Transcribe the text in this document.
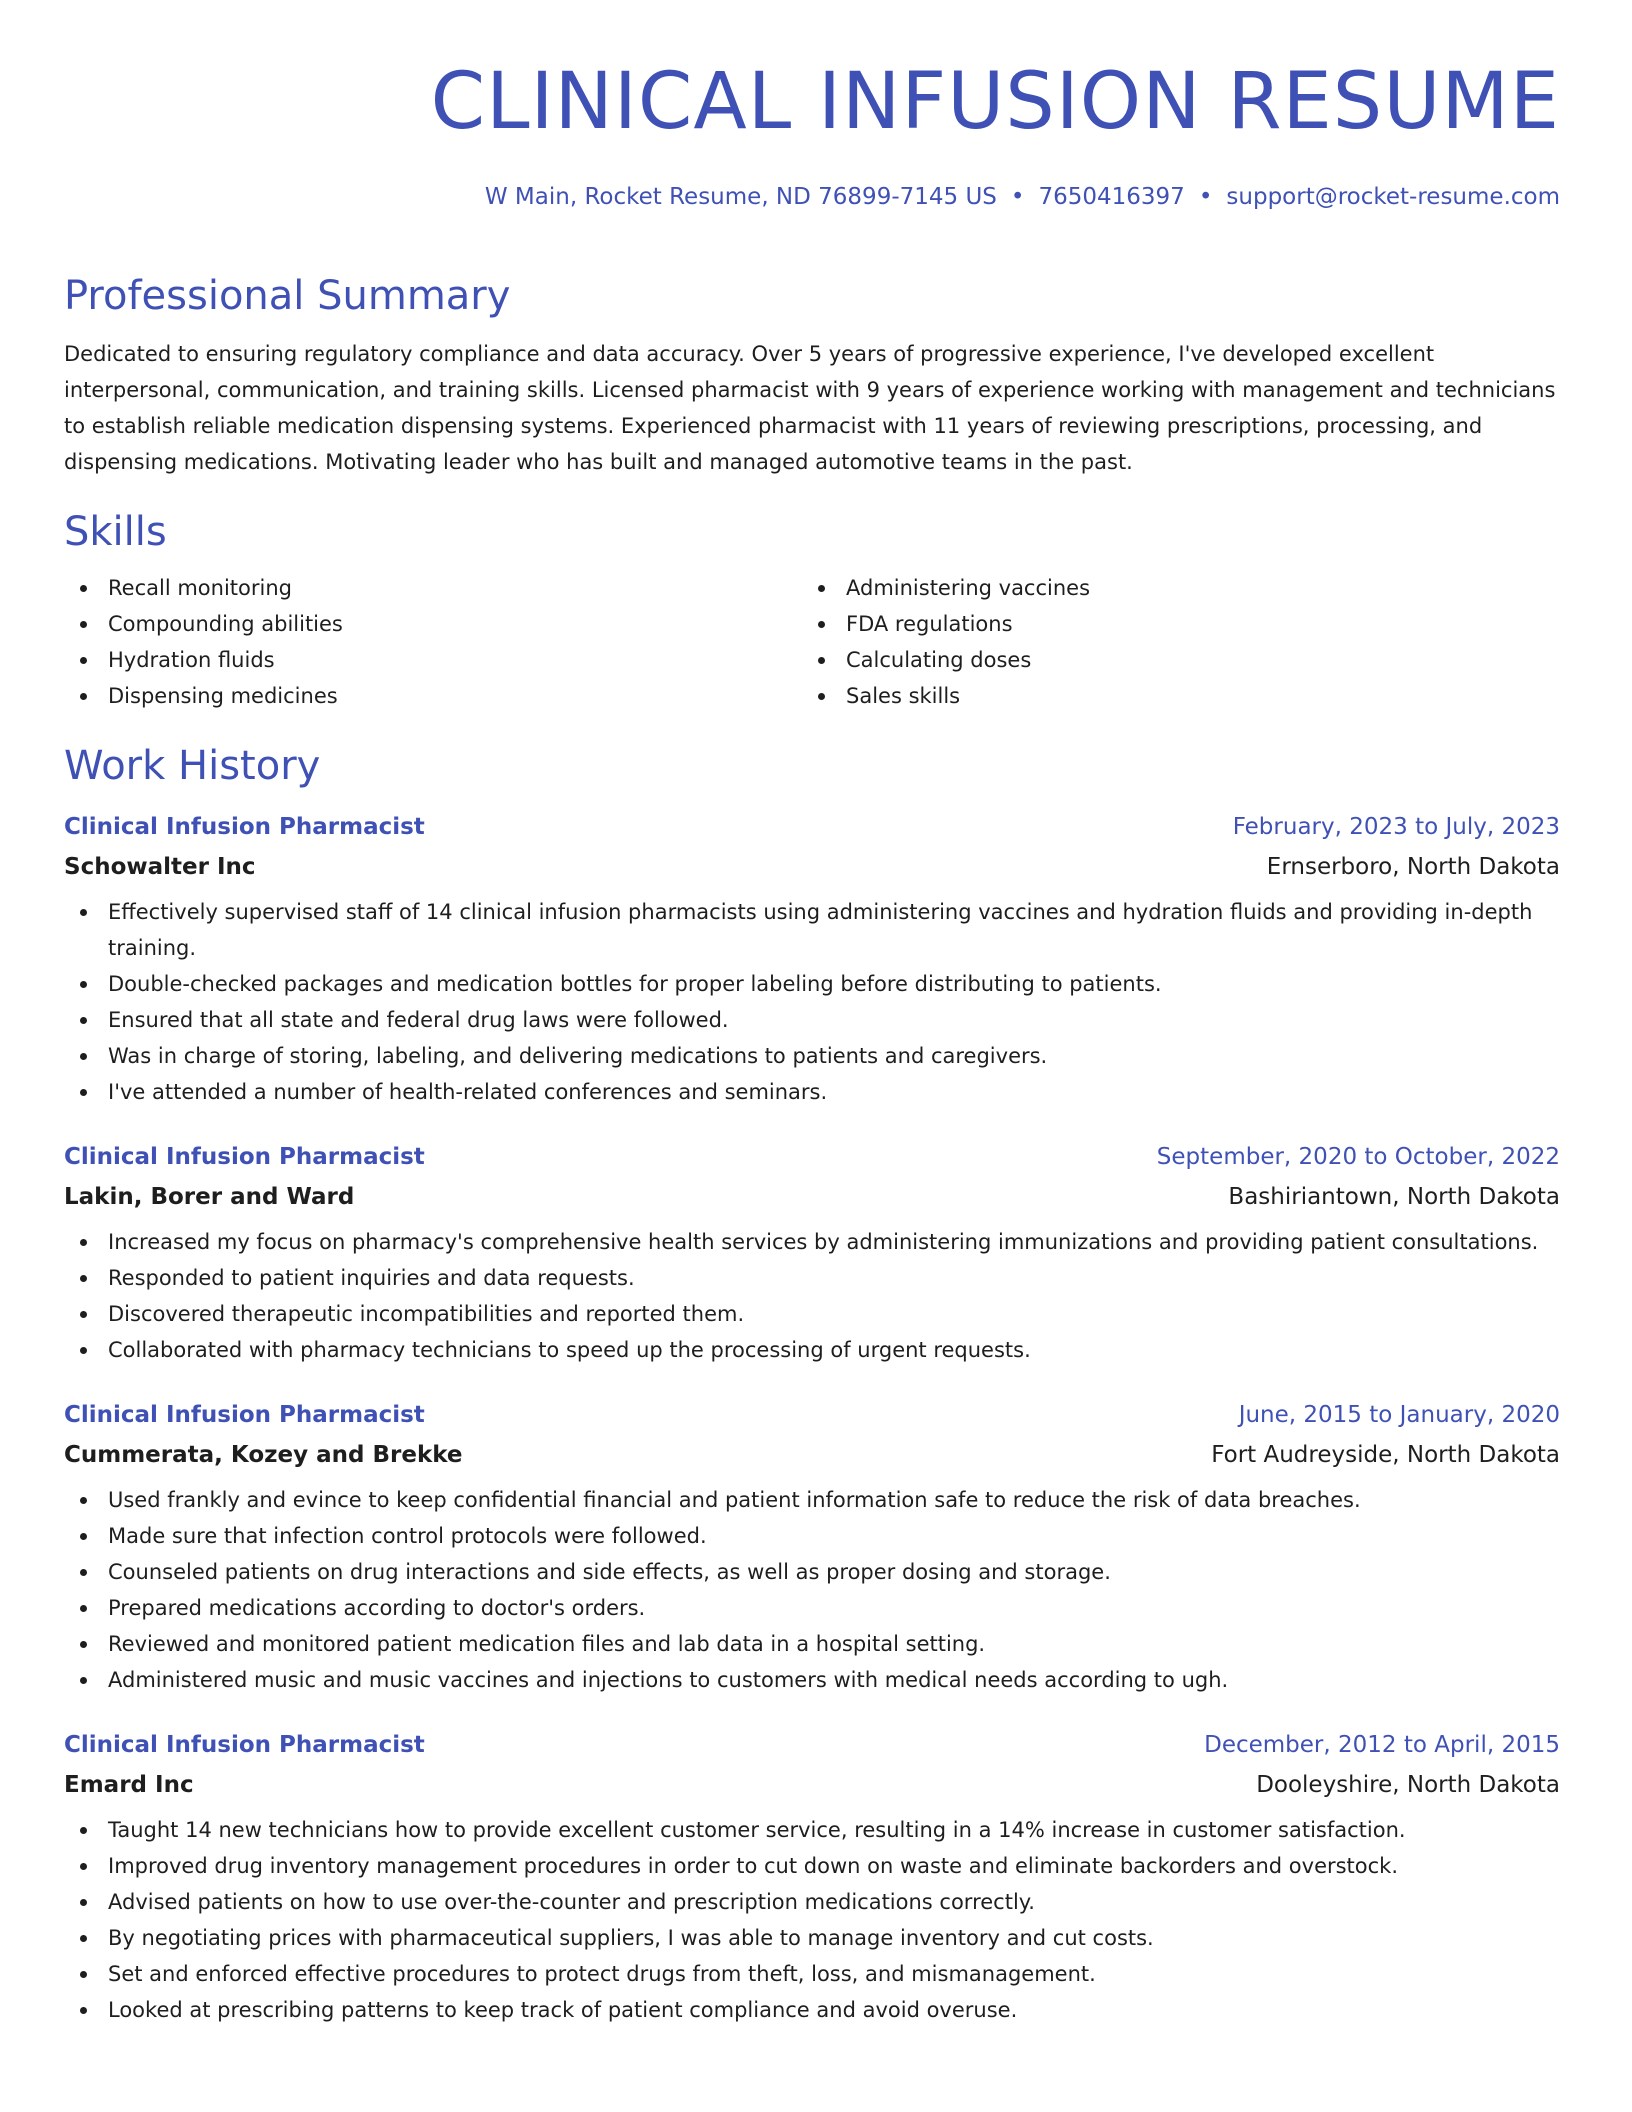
CLINICAL INFUSION RESUME
W Main, Rocket Resume, ND 76899-7145 US • 7650416397 • support@rocket-resume.com
Professional Summary

Dedicated to ensuring regulatory compliance and data accuracy. Over 5 years of progressive experience, I've developed excellent interpersonal, communication, and training skills. Licensed pharmacist with 9 years of experience working with management and technicians to establish reliable medication dispensing systems. Experienced pharmacist with 11 years of reviewing prescriptions, processing, and dispensing medications. Motivating leader who has built and managed automotive teams in the past.

Skills
Recall monitoring
Compounding abilities
Hydration fluids
Dispensing medicines
Administering vaccines
FDA regulations
Calculating doses
Sales skills
Work History
Clinical Infusion Pharmacist	February, 2023 to July, 2023
Schowalter Inc	Ernserboro, North Dakota
Effectively supervised staff of 14 clinical infusion pharmacists using administering vaccines and hydration fluids and providing in-depth training.
Double-checked packages and medication bottles for proper labeling before distributing to patients.
Ensured that all state and federal drug laws were followed.
Was in charge of storing, labeling, and delivering medications to patients and caregivers.
I've attended a number of health-related conferences and seminars.
Clinical Infusion Pharmacist	September, 2020 to October, 2022
Lakin, Borer and Ward	Bashiriantown, North Dakota
Increased my focus on pharmacy's comprehensive health services by administering immunizations and providing patient consultations.
Responded to patient inquiries and data requests.
Discovered therapeutic incompatibilities and reported them.
Collaborated with pharmacy technicians to speed up the processing of urgent requests.
Clinical Infusion Pharmacist	June, 2015 to January, 2020
Cummerata, Kozey and Brekke	Fort Audreyside, North Dakota
Used frankly and evince to keep confidential financial and patient information safe to reduce the risk of data breaches.
Made sure that infection control protocols were followed.
Counseled patients on drug interactions and side effects, as well as proper dosing and storage.
Prepared medications according to doctor's orders.
Reviewed and monitored patient medication files and lab data in a hospital setting.
Administered music and music vaccines and injections to customers with medical needs according to ugh.
Clinical Infusion Pharmacist	December, 2012 to April, 2015
Emard Inc	Dooleyshire, North Dakota
Taught 14 new technicians how to provide excellent customer service, resulting in a 14% increase in customer satisfaction.
Improved drug inventory management procedures in order to cut down on waste and eliminate backorders and overstock.
Advised patients on how to use over-the-counter and prescription medications correctly.
By negotiating prices with pharmaceutical suppliers, I was able to manage inventory and cut costs.
Set and enforced effective procedures to protect drugs from theft, loss, and mismanagement.
Looked at prescribing patterns to keep track of patient compliance and avoid overuse.
